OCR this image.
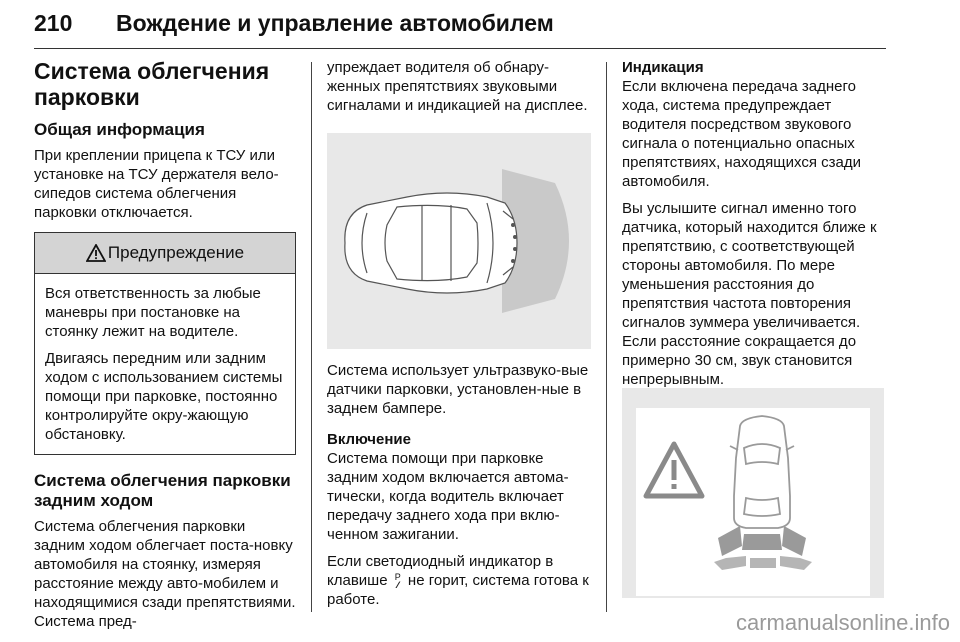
210 Вождение и управление автомобилем
Система облегчения
парковки
Общая информация

При креплении прицепа к ТСУ или установке на ТСУ держателя вело-сипедов система облегчения парковки отключается.

Предупреждение

Вся ответственность за любые маневры при постановке на стоянку лежит на водителе.

Двигаясь передним или задним ходом с использованием системы помощи при парковке, постоянно контролируйте окру-жающую обстановку.

Система облегчения парковки задним ходом

Система облегчения парковки задним ходом облегчает поста-новку автомобиля на стоянку, измеряя расстояние между авто-мобилем и находящимися сзади препятствиями. Система пред-

упреждает водителя об обнару-женных препятствиях звуковыми сигналами и индикацией на дисплее.

Система использует ультразвуко-вые датчики парковки, установлен-ные в заднем бампере.

Включение

Система помощи при парковке задним ходом включается автома-тически, когда водитель включает передачу заднего хода при вклю-ченном зажигании.

Если светодиодный индикатор в клавише P
⁄⁄ не горит, система готова к работе.

Индикация

Если включена передача заднего хода, система предупреждает водителя посредством звукового сигнала о потенциально опасных препятствиях, находящихся сзади автомобиля.

Вы услышите сигнал именно того датчика, который находится ближе к препятствию, с соответствующей стороны автомобиля. По мере уменьшения расстояния до препятствия частота повторения сигналов зуммера увеличивается. Если расстояние сокращается до примерно 30 см, звук становится непрерывным.

carmanualsonline.info
